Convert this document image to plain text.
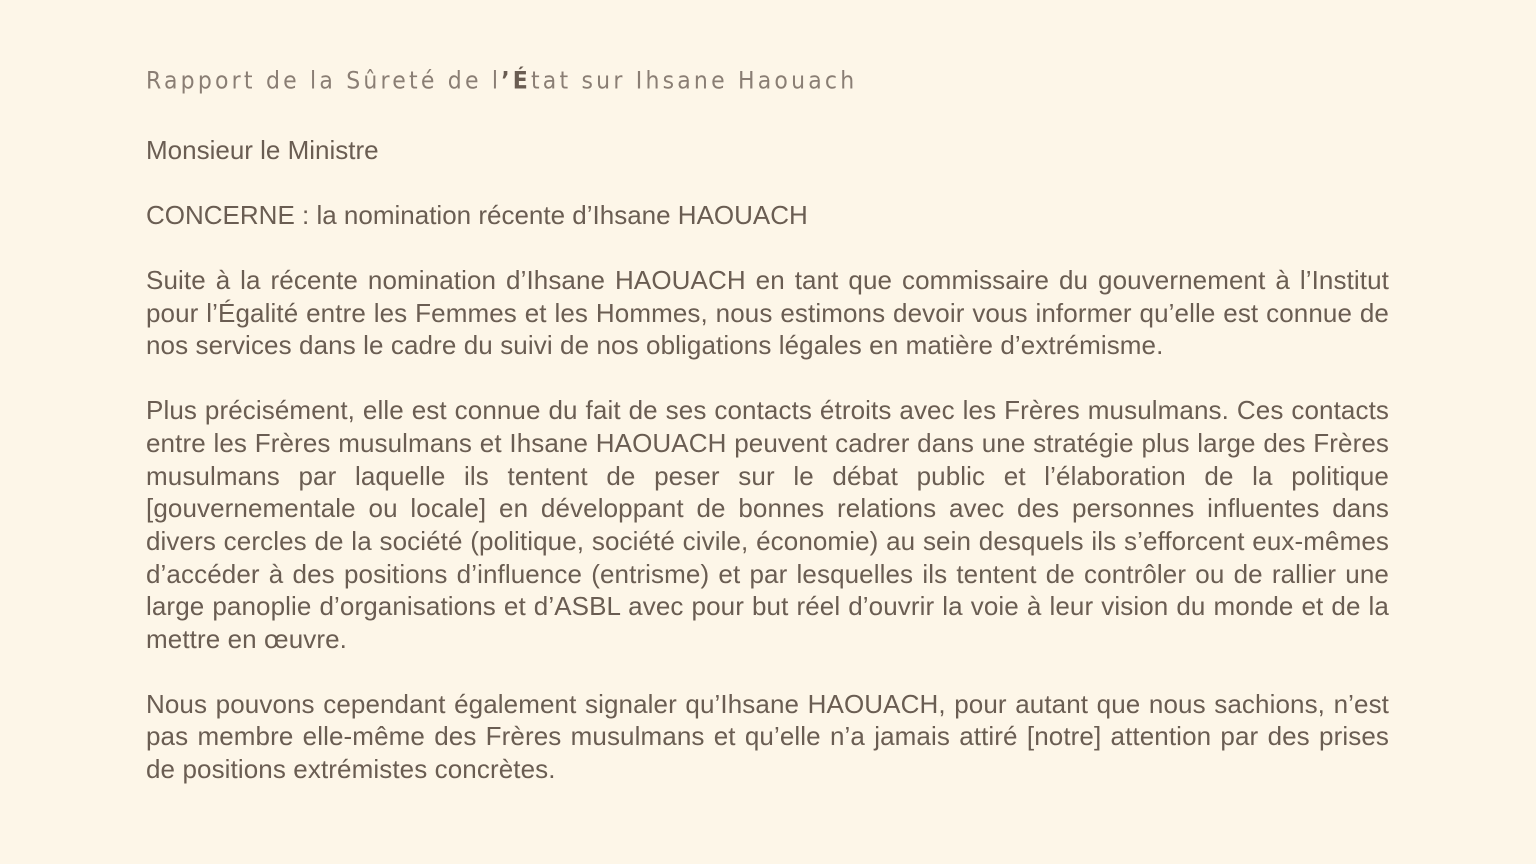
Rapport de la Sûreté de l’État sur Ihsane Haouach

Monsieur le Ministre

CONCERNE : la nomination récente d’Ihsane HAOUACH

Suite à la récente nomination d’Ihsane HAOUACH en tant que commissaire du gouvernement à l’Institut pour l’Égalité entre les Femmes et les Hommes, nous estimons devoir vous informer qu’elle est connue de nos services dans le cadre du suivi de nos obligations légales en matière d’extrémisme.

Plus précisément, elle est connue du fait de ses contacts étroits avec les Frères musulmans. Ces contacts entre les Frères musulmans et Ihsane HAOUACH peuvent cadrer dans une stratégie plus large des Frères musulmans par laquelle ils tentent de peser sur le débat public et l’élaboration de la politique [gouvernementale ou locale] en développant de bonnes relations avec des personnes influentes dans divers cercles de la société (politique, société civile, économie) au sein desquels ils s’efforcent eux-mêmes d’accéder à des positions d’influence (entrisme) et par lesquelles ils tentent de contrôler ou de rallier une large panoplie d’organisations et d’ASBL avec pour but réel d’ouvrir la voie à leur vision du monde et de la mettre en œuvre.

Nous pouvons cependant également signaler qu’Ihsane HAOUACH, pour autant que nous sachions, n’est pas membre elle-même des Frères musulmans et qu’elle n’a jamais attiré [notre] attention par des prises de positions extrémistes concrètes.
